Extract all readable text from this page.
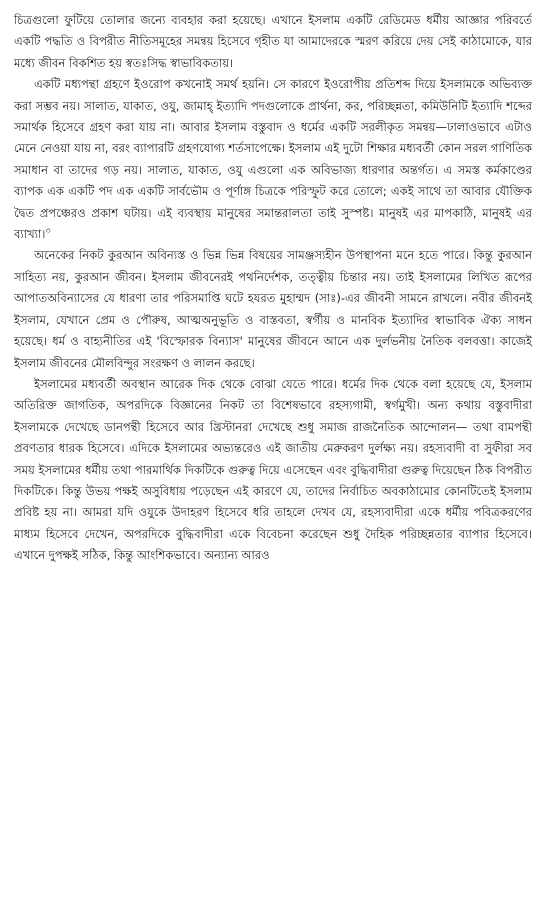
চিত্রগুলো ফুটিয়ে তোলার জন্যে ব্যবহার করা হয়েছে। এখানে ইসলাম একটি রেডিমেড ধর্মীয় আজ্ঞার পরিবর্তে একটি পদ্ধতি ও বিপরীত নীতিসমূহের সমন্বয় হিসেবে গৃহীত যা আমাদেরকে স্মরণ করিয়ে দেয় সেই কাঠামোকে, যার মধ্যে জীবন বিকশিত হয় স্বতঃসিদ্ধ স্বাভাবিকতায়।

একটি মধ্যপন্থা গ্রহণে ইওরোপ কখনোই সমর্থ হয়নি। সে কারণে ইওরোপীয় প্রতিশব্দ দিয়ে ইসলামকে অভিব্যক্ত করা সম্ভব নয়। সালাত, যাকাত, ওযু, জামাহ্ ইত্যাদি পদগুলোকে প্রার্থনা, কর, পরিচ্ছন্নতা, কমিউনিটি ইত্যাদি শব্দের সমার্থক হিসেবে গ্রহণ করা যায় না। আবার ইসলাম বস্তুবাদ ও ধর্মের একটি সরলীকৃত সমন্বয়—ঢালাওভাবে এটাও মেনে নেওয়া যায় না, বরং ব্যাপারটি গ্রহণযোগ্য শর্তসাপেক্ষে। ইসলাম এই দুটো শিক্ষার মধ্যবর্তী কোন সরল গাণিতিক সমাধান বা তাদের গড় নয়। সালাত, যাকাত, ওযু এগুলো এক অবিভাজ্য ধারণার অন্তর্গত। এ সমস্ত কর্মকাণ্ডের ব্যাপক এক একটি পদ এক একটি সার্বভৌম ও পূর্ণাঙ্গ চিত্রকে পরিস্ফুট করে তোলে; একই সাথে তা আবার যৌক্তিক দ্বৈত প্রপঞ্চেরও প্রকাশ ঘটায়। এই ব্যবস্থায় মানুষের সমান্তরালতা তাই সুস্পষ্ট। মানুষই এর মাপকাঠি, মানুষই এর ব্যাখ্যা।$^৩$

অনেকের নিকট কুরআন অবিন্যস্ত ও ভিন্ন ভিন্ন বিষয়ের সামঞ্জস্যহীন উপস্থাপনা মনে হতে পারে। কিন্তু কুরআন সাহিত্য নয়, কুরআন জীবন। ইসলাম জীবনেরই পথনির্দেশক, তত্ত্বীয় চিন্তার নয়। তাই ইসলামের লিখিত রূপের আপাতঅবিন্যাসের যে ধারণা তার পরিসমাপ্তি ঘটে হযরত মুহাম্মদ (সাঃ)-এর জীবনী সামনে রাখলে। নবীর জীবনই ইসলাম, যেখানে প্রেম ও পৌরুষ, আত্মঅনুভূতি ও বাস্তবতা, স্বর্গীয় ও মানবিক ইত্যাদির স্বাভাবিক ঐক্য সাধন হয়েছে। ধর্ম ও বাহ্যনীতির এই 'বিস্ফোরক বিন্যাস' মানুষের জীবনে আনে এক দুর্লভনীয় নৈতিক বলবত্তা। কাজেই ইসলাম জীবনের মৌলবিন্দুর সংরক্ষণ ও লালন করছে।

ইসলামের মধ্যবর্তী অবস্থান আরেক দিক থেকে বোঝা যেতে পারে। ধর্মের দিক থেকে বলা হয়েছে যে, ইসলাম অতিরিক্ত জাগতিক, অপরদিকে বিজ্ঞানের নিকট তা বিশেষভাবে রহস্যগামী, স্বর্গমুখী। অন্য কথায় বস্তুবাদীরা ইসলামকে দেখেছে ডানপন্থী হিসেবে আর খ্রিস্টানরা দেখেছে শুধু সমাজ রাজনৈতিক আন্দোলন— তথা বামপন্থী প্রবণতার ধারক হিসেবে। এদিকে ইসলামের অভ্যন্তরেও এই জাতীয় মেরুকরণ দুর্লক্ষ্য নয়। রহস্যবাদী বা সুফীরা সব সময় ইসলামের ধর্মীয় তথা পারমার্থিক দিকটিকে গুরুত্ব দিয়ে এসেছেন এবং বুদ্ধিবাদীরা গুরুত্ব দিয়েছেন ঠিক বিপরীত দিকটিকে। কিন্তু উভয় পক্ষই অসুবিধায় পড়েছেন এই কারণে যে, তাদের নির্বাচিত অবকাঠামোর কোনটিতেই ইসলাম প্রবিষ্ট হয় না। আমরা যদি ওযুকে উদাহরণ হিসেবে ধরি তাহলে দেখব যে, রহস্যবাদীরা একে ধর্মীয় পবিত্রকরণের মাধ্যম হিসেবে দেখেন, অপরদিকে বুদ্ধিবাদীরা একে বিবেচনা করেছেন শুধু দৈহিক পরিচ্ছন্নতার ব্যাপার হিসেবে। এখানে দুপক্ষই সঠিক, কিন্তু আংশিকভাবে। অন্যান্য আরও
